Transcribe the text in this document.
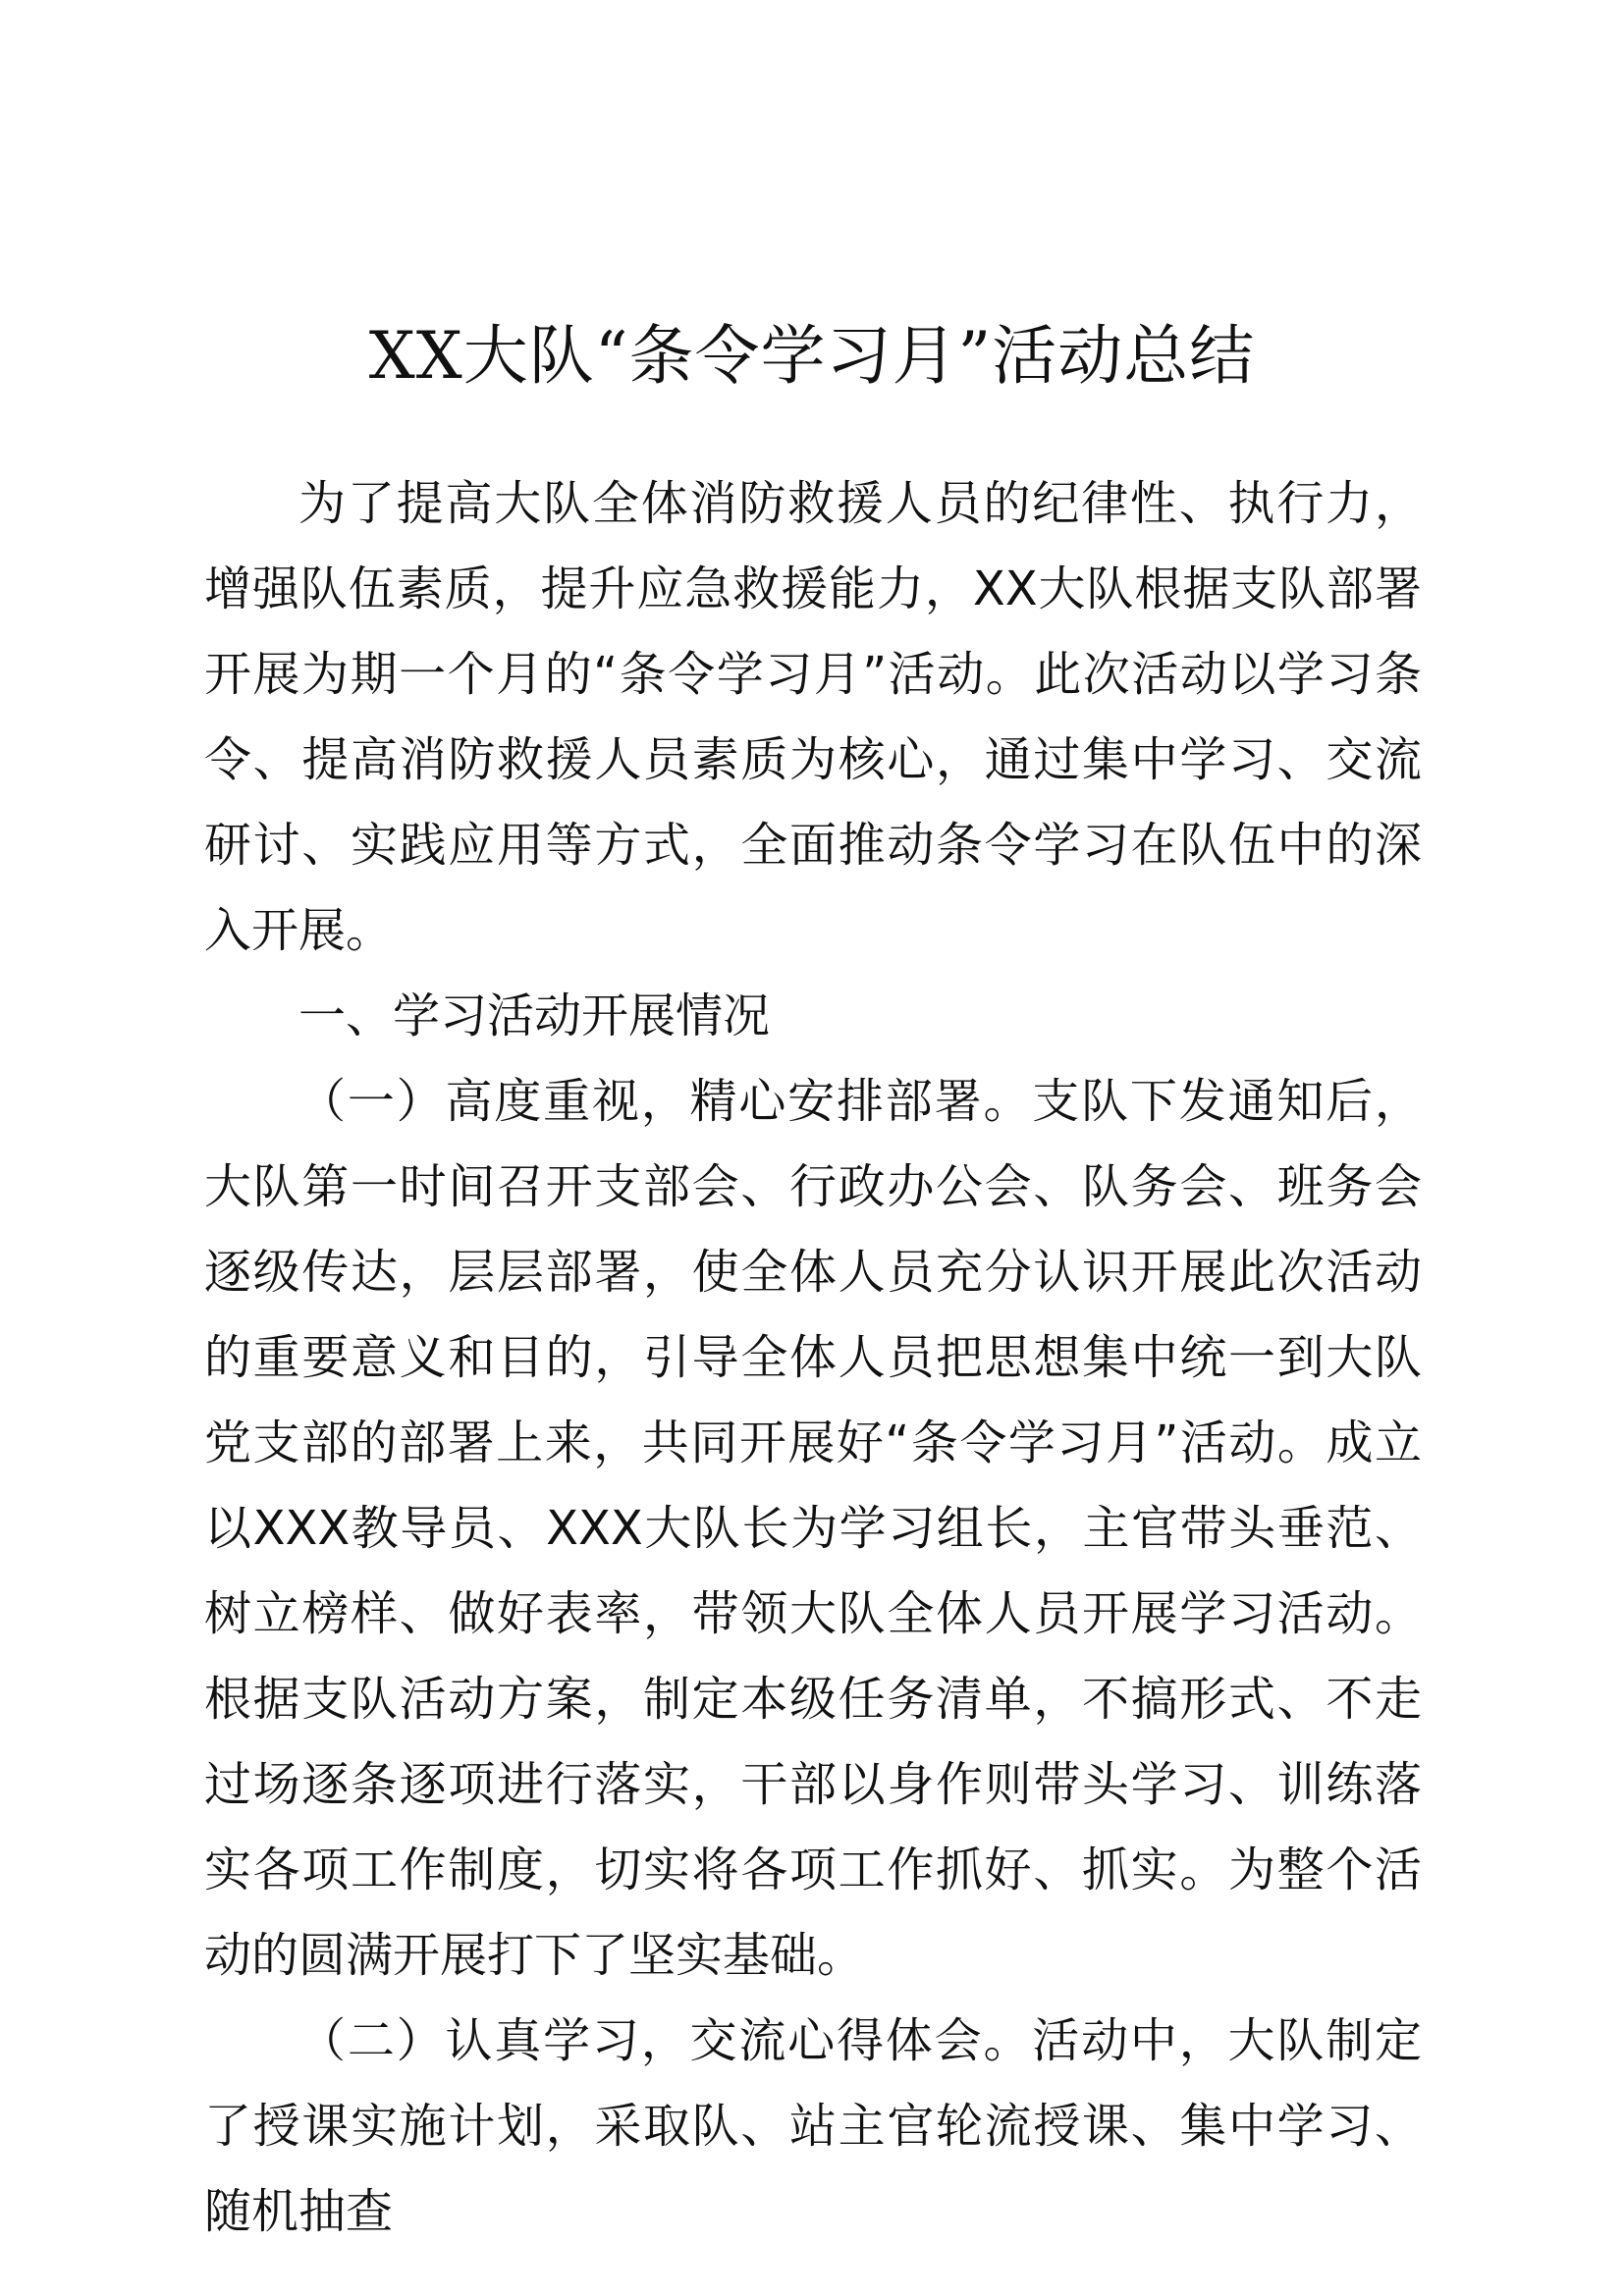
XX大队“条令学习月”活动总结

为了提高大队全体消防救援人员的纪律性、执行力，增强队伍素质，提升应急救援能力，XX大队根据支队部署开展为期一个月的“条令学习月”活动。此次活动以学习条令、提高消防救援人员素质为核心，通过集中学习、交流研讨、实践应用等方式，全面推动条令学习在队伍中的深入开展。

一、学习活动开展情况

（一）高度重视，精心安排部署。支队下发通知后，大队第一时间召开支部会、行政办公会、队务会、班务会逐级传达，层层部署，使全体人员充分认识开展此次活动的重要意义和目的，引导全体人员把思想集中统一到大队党支部的部署上来，共同开展好“条令学习月”活动。成立以XXX教导员、XXX大队长为学习组长，主官带头垂范、树立榜样、做好表率，带领大队全体人员开展学习活动。根据支队活动方案，制定本级任务清单，不搞形式、不走过场逐条逐项进行落实，干部以身作则带头学习、训练落实各项工作制度，切实将各项工作抓好、抓实。为整个活动的圆满开展打下了坚实基础。

（二）认真学习，交流心得体会。活动中，大队制定了授课实施计划，采取队、站主官轮流授课、集中学习、随机抽查
